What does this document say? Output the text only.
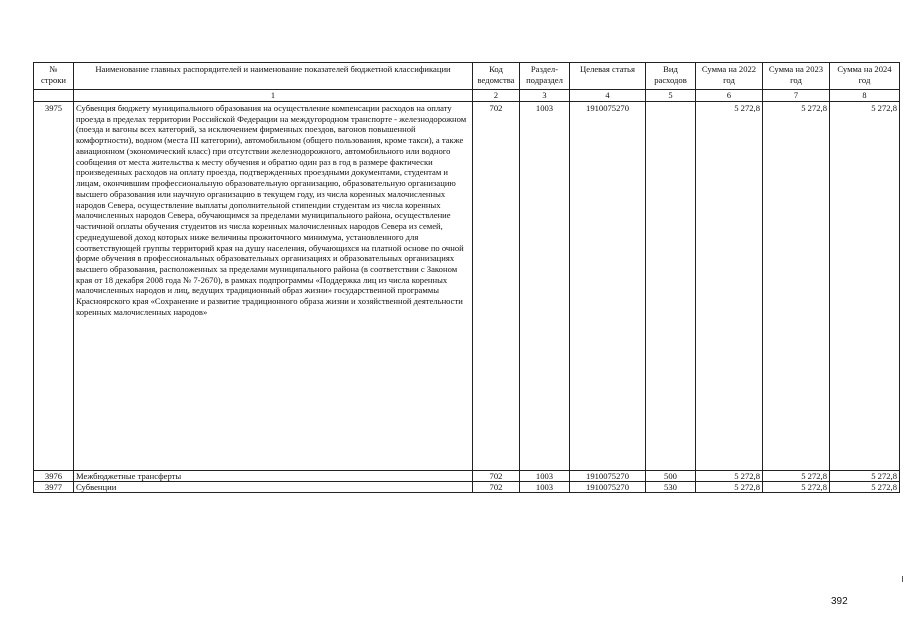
№ строки	Наименование главных распорядителей и наименование показателей бюджетной классификации	Код ведомства	Раздел-подраздел	Целевая статья	Вид расходов	Сумма на 2022 год	Сумма на 2023 год	Сумма на 2024 год
	1	2	3	4	5	6	7	8
3975	Субвенция бюджету муниципального образования на осуществление компенсации расходов на оплату проезда в пределах территории Российской Федерации на междугородном транспорте - железнодорожном (поезда и вагоны всех категорий, за исключением фирменных поездов, вагонов повышенной комфортности), водном (места III категории), автомобильном (общего пользования, кроме такси), а также авиационном (экономический класс) при отсутствии железнодорожного, автомобильного или водного сообщения от места жительства к месту обучения и обратно один раз в год в размере фактически произведенных расходов на оплату проезда, подтвержденных проездными документами, студентам и лицам, окончившим профессиональную образовательную организацию, образовательную организацию высшего образования или научную организацию в текущем году, из числа коренных малочисленных народов Севера, осуществление выплаты дополнительной стипендии студентам из числа коренных малочисленных народов Севера, обучающимся за пределами муниципального района, осуществление частичной оплаты обучения студентов из числа коренных малочисленных народов Севера из семей, среднедушевой доход которых ниже величины прожиточного минимума, установленного для соответствующей группы территорий края на душу населения, обучающихся на платной основе по очной форме обучения в профессиональных образовательных организациях и образовательных организациях высшего образования, расположенных за пределами муниципального района (в соответствии с Законом края от 18 декабря 2008 года № 7-2670), в рамках подпрограммы «Поддержка лиц из числа коренных малочисленных народов и лиц, ведущих традиционный образ жизни» государственной программы Красноярского края «Сохранение и развитие традиционного образа жизни и хозяйственной деятельности коренных малочисленных народов»	702	1003	1910075270		5 272,8	5 272,8	5 272,8
3976	Межбюджетные трансферты	702	1003	1910075270	500	5 272,8	5 272,8	5 272,8
3977	Субвенции	702	1003	1910075270	530	5 272,8	5 272,8	5 272,8
392
